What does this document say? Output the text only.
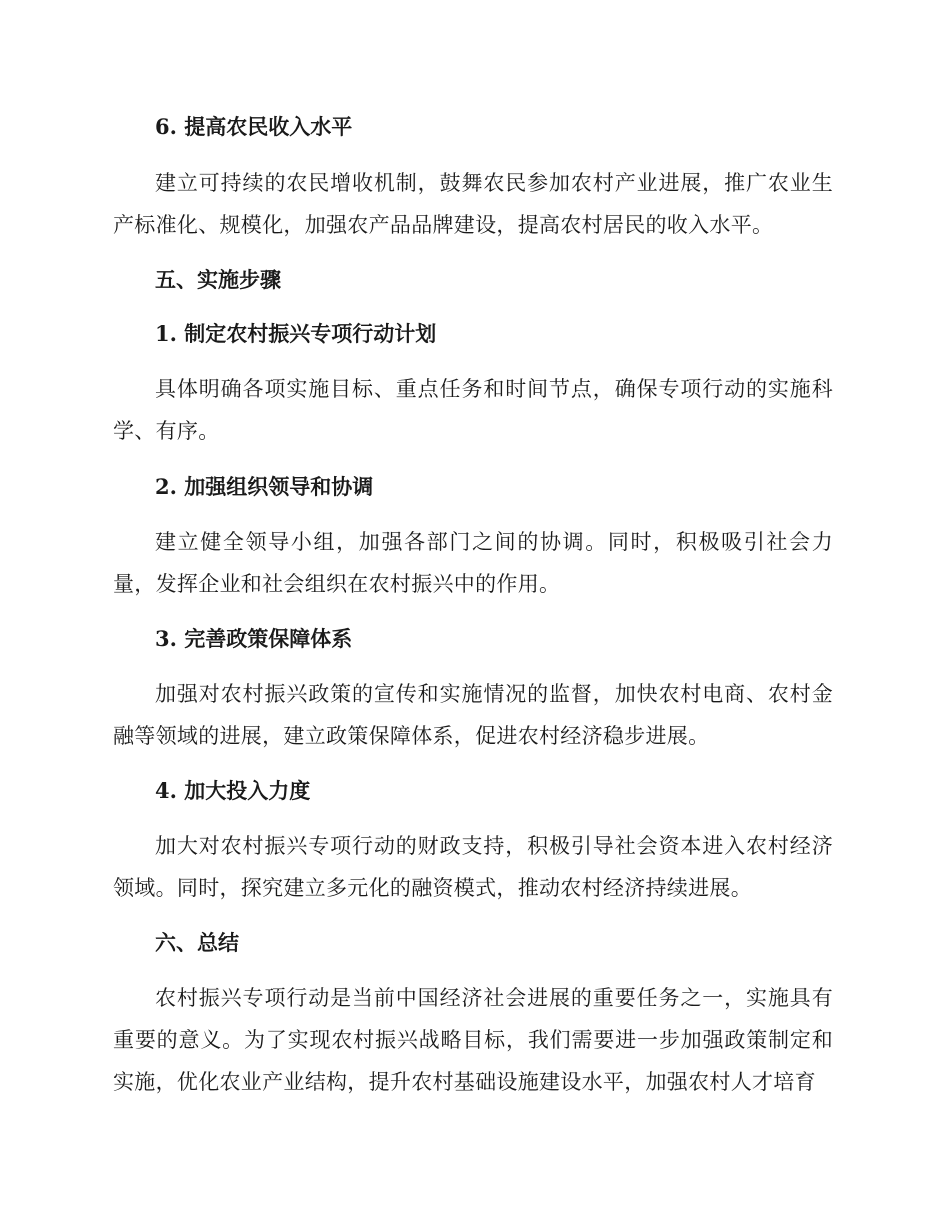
6. 提高农民收入水平

建立可持续的农民增收机制，鼓舞农民参加农村产业进展，推广农业生产标准化、规模化，加强农产品品牌建设，提高农村居民的收入水平。

五、实施步骤
1. 制定农村振兴专项行动计划

具体明确各项实施目标、重点任务和时间节点，确保专项行动的实施科学、有序。

2. 加强组织领导和协调

建立健全领导小组，加强各部门之间的协调。同时，积极吸引社会力量，发挥企业和社会组织在农村振兴中的作用。

3. 完善政策保障体系

加强对农村振兴政策的宣传和实施情况的监督，加快农村电商、农村金融等领域的进展，建立政策保障体系，促进农村经济稳步进展。

4. 加大投入力度

加大对农村振兴专项行动的财政支持，积极引导社会资本进入农村经济领域。同时，探究建立多元化的融资模式，推动农村经济持续进展。

六、总结

农村振兴专项行动是当前中国经济社会进展的重要任务之一，实施具有重要的意义。为了实现农村振兴战略目标，我们需要进一步加强政策制定和实施，优化农业产业结构，提升农村基础设施建设水平，加强农村人才培育
